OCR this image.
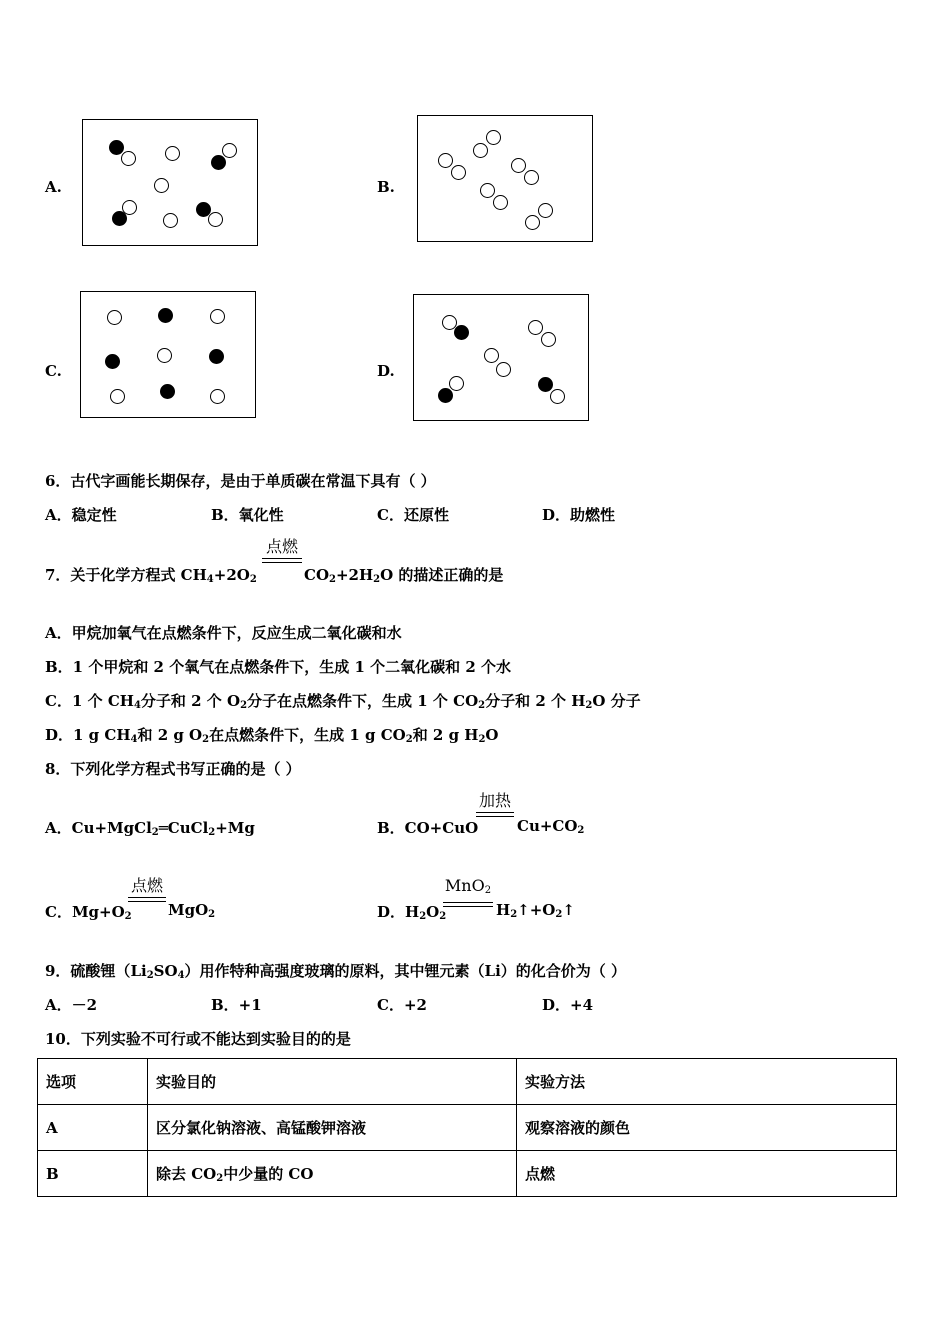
A.	B.
C.	D.
6．古代字画能长期保存，是由于单质碳在常温下具有（ ）
A．稳定性	B．氧化性	C．还原性	D．助燃性
7．关于化学方程式 $CH_4+2O_2$
点燃
$CO_2+2H_2O$ 的描述正确的是
A．甲烷加氧气在点燃条件下，反应生成二氧化碳和水
B．1 个甲烷和 2 个氧气在点燃条件下，生成 1 个二氧化碳和 2 个水
C．1 个 $CH_4$分子和 2 个 $O_2$分子在点燃条件下，生成 1 个 $CO_2$分子和 2 个 $H_2O$ 分子
D．1 g $CH_4$和 2 g $O_2$在点燃条件下，生成 1 g $CO_2$和 2 g $H_2O$
8．下列化学方程式书写正确的是（ ）
A．Cu+MgCl$_2$═CuCl$_2$+Mg	B．CO+CuO
加热
$Cu+CO_2$
C．$Mg+O_2$
点燃
MgO$_2$	D．$H_2O_2$
MnO$_2$
$H_2↑+O_2↑$
9．硫酸锂$(Li_2SO_4)$用作特种高强度玻璃的原料，其中锂元素（Li）的化合价为（ ）
A．－2	B．+1	C．+2	D．+4
10．下列实验不可行或不能达到实验目的的是
选项	实验目的	实验方法
A	区分氯化钠溶液、高锰酸钾溶液	观察溶液的颜色
B	除去 $CO_2$中少量的 CO	点燃
